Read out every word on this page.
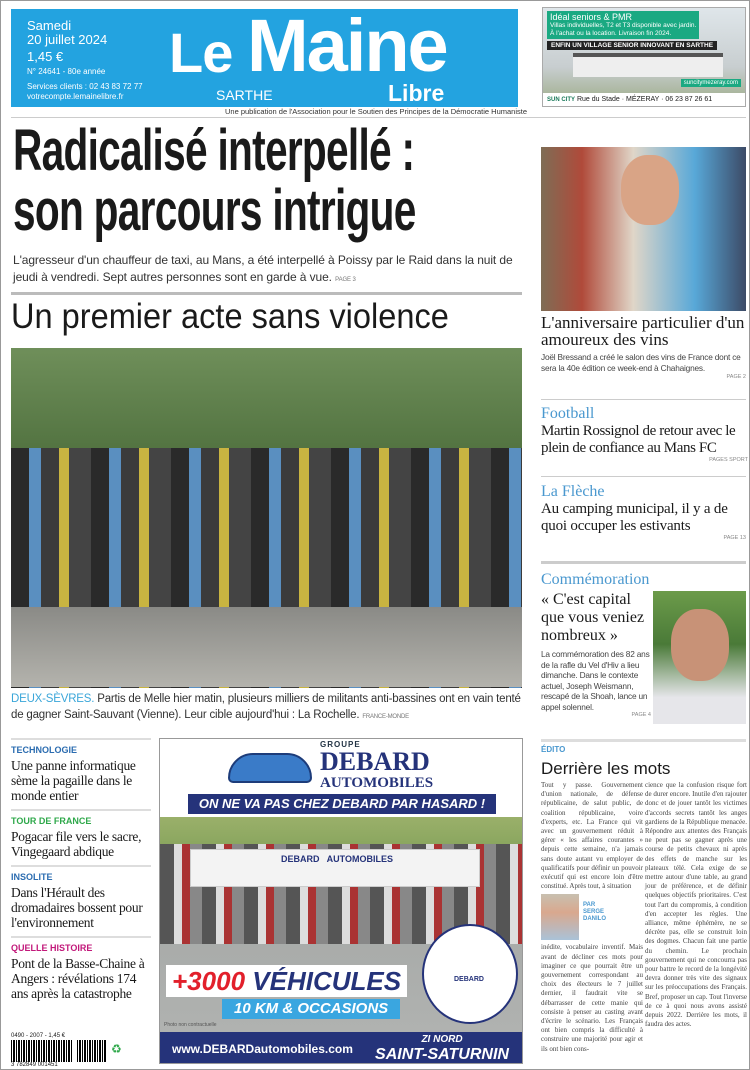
Samedi
20 juillet 2024
1,45 €
N° 24641 - 80e année
Services clients : 02 43 83 72 77
votrecompte.lemainelibre.fr
Le Maine
SARTHE	Libre
Idéal seniors & PMR
Villas individuelles, T2 et T3 disponible avec jardin.
À l'achat ou la location. Livraison fin 2024.
ENFIN UN VILLAGE SENIOR INNOVANT EN SARTHE
suncitymezeray.com
SUN CITY Rue du Stade · MÉZERAY · 06 23 87 26 61
Une publication de l'Association pour le Soutien des Principes de la Démocratie Humaniste
Radicalisé interpellé :
son parcours intrigue
L'agresseur d'un chauffeur de taxi, au Mans, a été interpellé à Poissy par le Raid dans la nuit de jeudi à vendredi. Sept autres personnes sont en garde à vue. PAGE 3
Un premier acte sans violence
DEUX-SÈVRES. Partis de Melle hier matin, plusieurs milliers de militants anti-bassines ont en vain tenté de gagner Saint-Sauvant (Vienne). Leur cible aujourd'hui : La Rochelle. FRANCE-MONDE
TECHNOLOGIE
Une panne informatique sème la pagaille dans le monde entier
TOUR DE FRANCE
Pogacar file vers le sacre, Vingegaard abdique
INSOLITE
Dans l'Hérault des dromadaires bossent pour l'environnement
QUELLE HISTOIRE
Pont de la Basse-Chaine à Angers : révélations 174 ans après la catastrophe
0490 - 2007 - 1,45 €
♻
3 782849 001451
GROUPE
DEBARD
AUTOMOBILES
ON NE VA PAS CHEZ DEBARD PAR HASARD !
DEBARD   AUTOMOBILES
DEBARD
+3000 VÉHICULES
10 KM & OCCASIONS
Photo non contractuelle
www.DEBARDautomobiles.com
ZI NORD
SAINT-SATURNIN
L'anniversaire particulier d'un amoureux des vins
Joël Bressand a créé le salon des vins de France dont ce sera la 40e édition ce week-end à Chahaignes.
PAGE 2
Football
Martin Rossignol de retour avec le plein de confiance au Mans FC
PAGES SPORT
La Flèche
Au camping municipal, il y a de quoi occuper les estivants
PAGE 13
Commémoration
« C'est capital que vous veniez nombreux »
La commémoration des 82 ans de la rafle du Vel d'Hiv a lieu dimanche. Dans le contexte actuel, Joseph Weismann, rescapé de la Shoah, lance un appel solennel.
PAGE 4
ÉDITO
Derrière les mots
Tout y passe. Gouvernement d'union nationale, de défense républicaine, de salut public, de coalition républicaine, voire d'experts, etc. La France qui vit avec un gouvernement réduit à gérer « les affaires courantes » depuis cette semaine, n'a jamais sans doute autant vu employer de qualificatifs pour définir un pouvoir exécutif qui est encore loin d'être constitué. Après tout, à situation
PAR SERGE DANILO
inédite, vocabulaire inventif. Mais avant de décliner ces mots pour imaginer ce que pourrait être un gouvernement correspondant au choix des électeurs le 7 juillet dernier, il faudrait vite se débarrasser de cette manie qui consiste à penser au casting avant d'écrire le scénario. Les Français ont bien compris la difficulté à construire une majorité pour agir et ils ont bien cons-
cience que la confusion risque fort de durer encore. Inutile d'en rajouter donc et de jouer tantôt les victimes d'accords secrets tantôt les anges gardiens de la République menacée. Répondre aux attentes des Français ne peut pas se gagner après une course de petits chevaux ni après des effets de manche sur les plateaux télé. Cela exige de se mettre autour d'une table, au grand jour de préférence, et de définir quelques objectifs prioritaires. C'est tout l'art du compromis, à condition d'en accepter les règles. Une alliance, même éphémère, ne se décrète pas, elle se construit loin des dogmes. Chacun fait une partie du chemin. Le prochain gouvernement qui ne concourra pas pour battre le record de la longévité devra donner très vite des signaux sur les préoccupations des Français. Bref, proposer un cap. Tout l'inverse de ce à quoi nous avons assisté depuis 2022. Derrière les mots, il faudra des actes.
